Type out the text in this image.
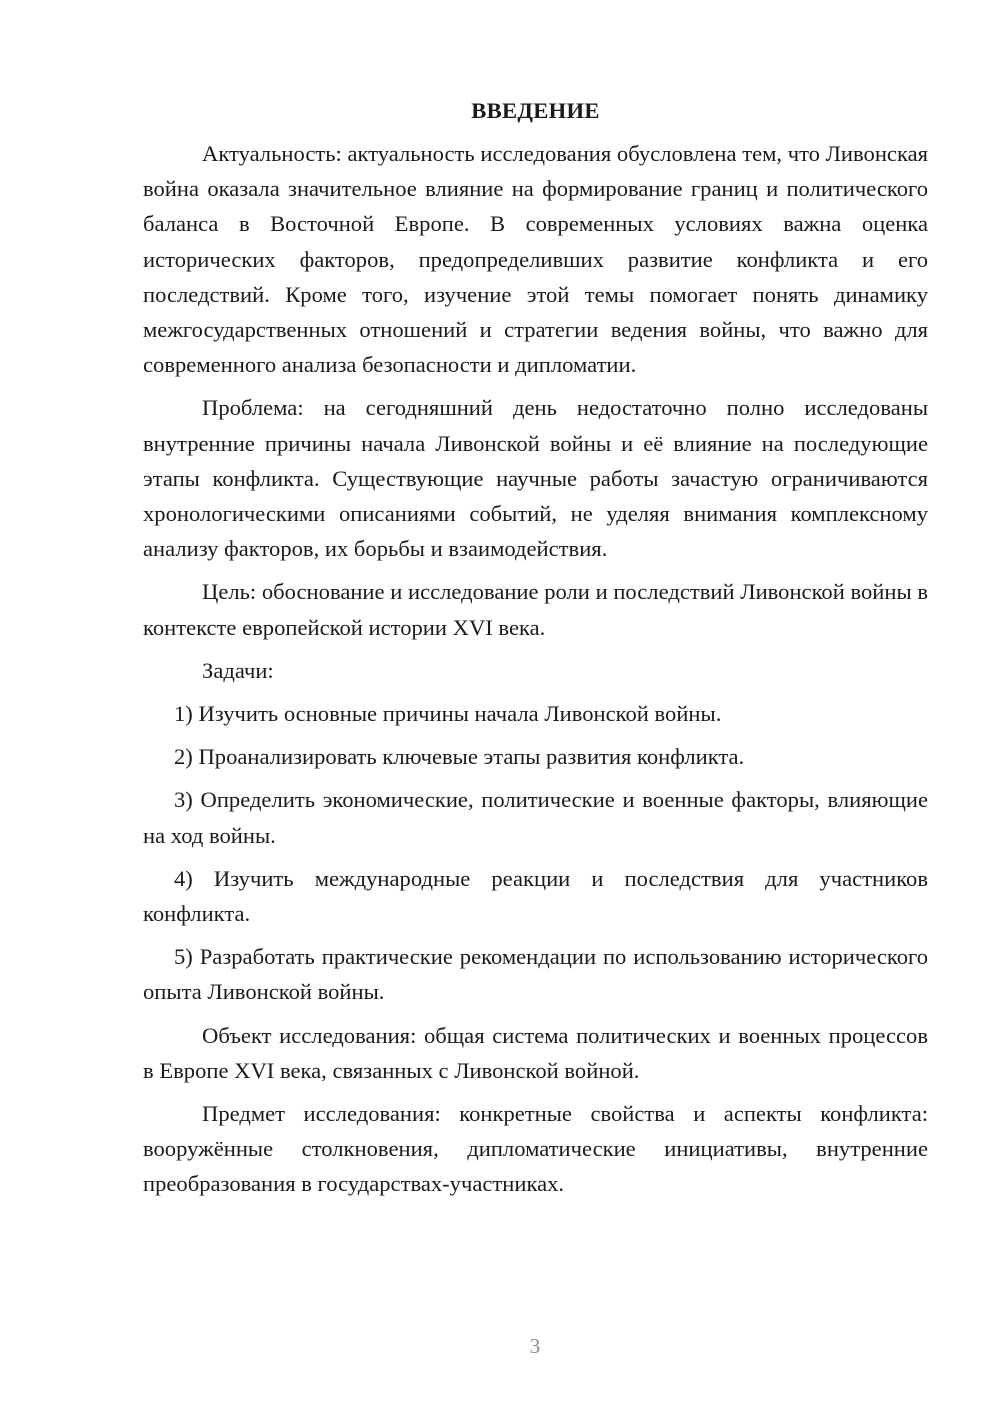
ВВЕДЕНИЕ

Актуальность: актуальность исследования обусловлена тем, что Ливонская война оказала значительное влияние на формирование границ и политического баланса в Восточной Европе. В современных условиях важна оценка исторических факторов, предопределивших развитие конфликта и его последствий. Кроме того, изучение этой темы помогает понять динамику межгосударственных отношений и стратегии ведения войны, что важно для современного анализа безопасности и дипломатии.

Проблема: на сегодняшний день недостаточно полно исследованы внутренние причины начала Ливонской войны и её влияние на последующие этапы конфликта. Существующие научные работы зачастую ограничиваются хронологическими описаниями событий, не уделяя внимания комплексному анализу факторов, их борьбы и взаимодействия.

Цель: обоснование и исследование роли и последствий Ливонской войны в контексте европейской истории XVI века.

Задачи:

1) Изучить основные причины начала Ливонской войны.

2) Проанализировать ключевые этапы развития конфликта.

3) Определить экономические, политические и военные факторы, влияющие на ход войны.

4) Изучить международные реакции и последствия для участников конфликта.

5) Разработать практические рекомендации по использованию исторического опыта Ливонской войны.

Объект исследования: общая система политических и военных процессов в Европе XVI века, связанных с Ливонской войной.

Предмет исследования: конкретные свойства и аспекты конфликта: вооружённые столкновения, дипломатические инициативы, внутренние преобразования в государствах-участниках.

3
